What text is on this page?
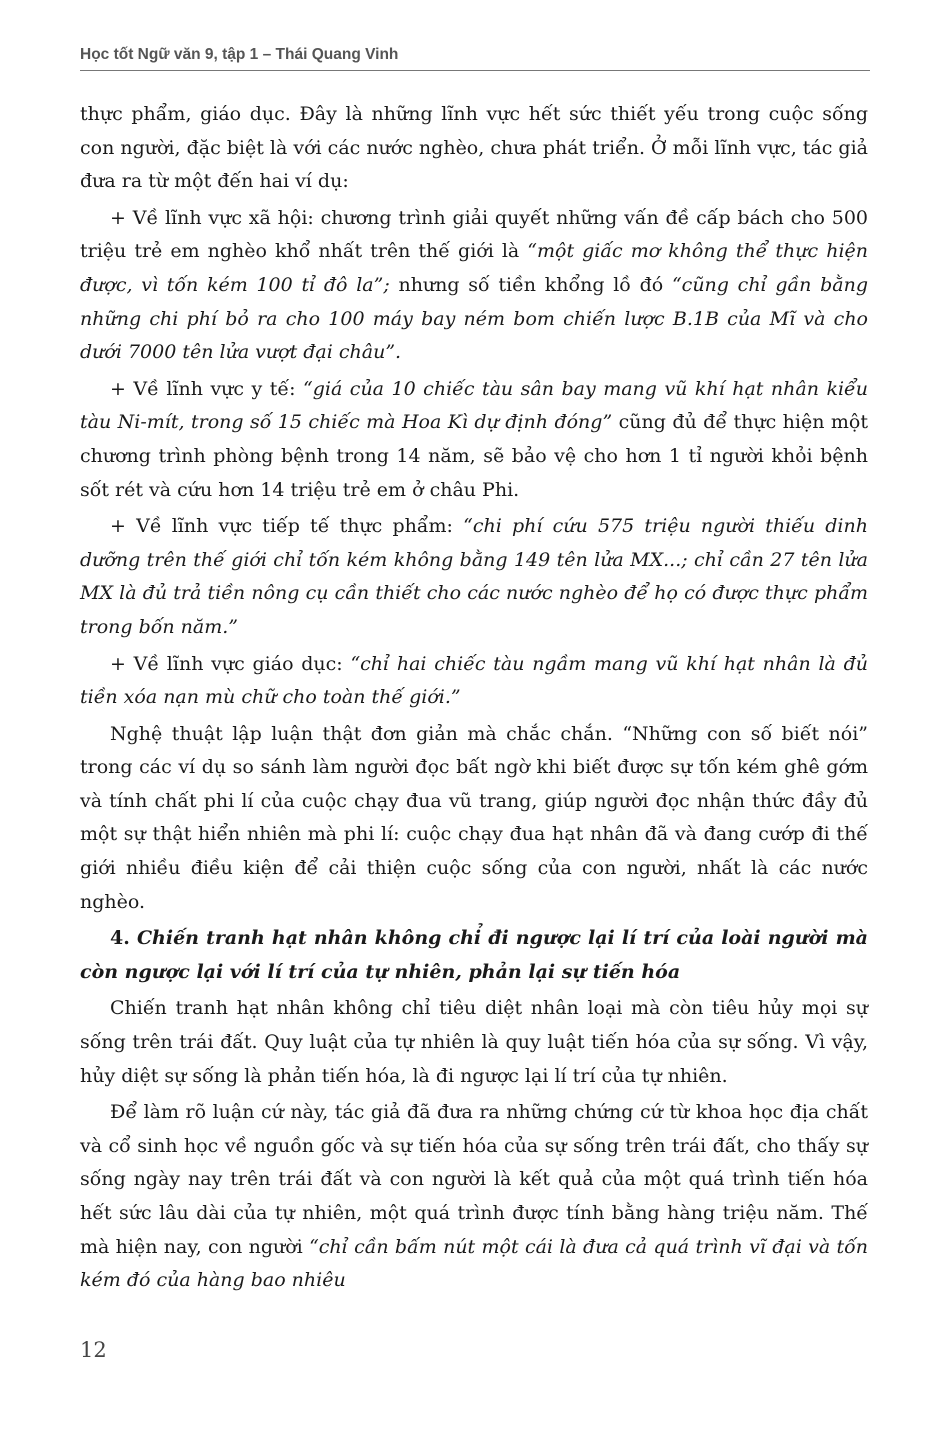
Học tốt Ngữ văn 9, tập 1 – Thái Quang Vinh

thực phẩm, giáo dục. Đây là những lĩnh vực hết sức thiết yếu trong cuộc sống con người, đặc biệt là với các nước nghèo, chưa phát triển. Ở mỗi lĩnh vực, tác giả đưa ra từ một đến hai ví dụ:

+ Về lĩnh vực xã hội: chương trình giải quyết những vấn đề cấp bách cho 500 triệu trẻ em nghèo khổ nhất trên thế giới là “một giấc mơ không thể thực hiện được, vì tốn kém 100 tỉ đô la”; nhưng số tiền khổng lồ đó “cũng chỉ gần bằng những chi phí bỏ ra cho 100 máy bay ném bom chiến lược B.1B của Mĩ và cho dưới 7000 tên lửa vượt đại châu”.

+ Về lĩnh vực y tế: “giá của 10 chiếc tàu sân bay mang vũ khí hạt nhân kiểu tàu Ni-mít, trong số 15 chiếc mà Hoa Kì dự định đóng” cũng đủ để thực hiện một chương trình phòng bệnh trong 14 năm, sẽ bảo vệ cho hơn 1 tỉ người khỏi bệnh sốt rét và cứu hơn 14 triệu trẻ em ở châu Phi.

+ Về lĩnh vực tiếp tế thực phẩm: “chi phí cứu 575 triệu người thiếu dinh dưỡng trên thế giới chỉ tốn kém không bằng 149 tên lửa MX...; chỉ cần 27 tên lửa MX là đủ trả tiền nông cụ cần thiết cho các nước nghèo để họ có được thực phẩm trong bốn năm.”

+ Về lĩnh vực giáo dục: “chỉ hai chiếc tàu ngầm mang vũ khí hạt nhân là đủ tiền xóa nạn mù chữ cho toàn thế giới.”

Nghệ thuật lập luận thật đơn giản mà chắc chắn. “Những con số biết nói” trong các ví dụ so sánh làm người đọc bất ngờ khi biết được sự tốn kém ghê gớm và tính chất phi lí của cuộc chạy đua vũ trang, giúp người đọc nhận thức đầy đủ một sự thật hiển nhiên mà phi lí: cuộc chạy đua hạt nhân đã và đang cướp đi thế giới nhiều điều kiện để cải thiện cuộc sống của con người, nhất là các nước nghèo.

4. Chiến tranh hạt nhân không chỉ đi ngược lại lí trí của loài người mà còn ngược lại với lí trí của tự nhiên, phản lại sự tiến hóa

Chiến tranh hạt nhân không chỉ tiêu diệt nhân loại mà còn tiêu hủy mọi sự sống trên trái đất. Quy luật của tự nhiên là quy luật tiến hóa của sự sống. Vì vậy, hủy diệt sự sống là phản tiến hóa, là đi ngược lại lí trí của tự nhiên.

Để làm rõ luận cứ này, tác giả đã đưa ra những chứng cứ từ khoa học địa chất và cổ sinh học về nguồn gốc và sự tiến hóa của sự sống trên trái đất, cho thấy sự sống ngày nay trên trái đất và con người là kết quả của một quá trình tiến hóa hết sức lâu dài của tự nhiên, một quá trình được tính bằng hàng triệu năm. Thế mà hiện nay, con người “chỉ cần bấm nút một cái là đưa cả quá trình vĩ đại và tốn kém đó của hàng bao nhiêu

12
